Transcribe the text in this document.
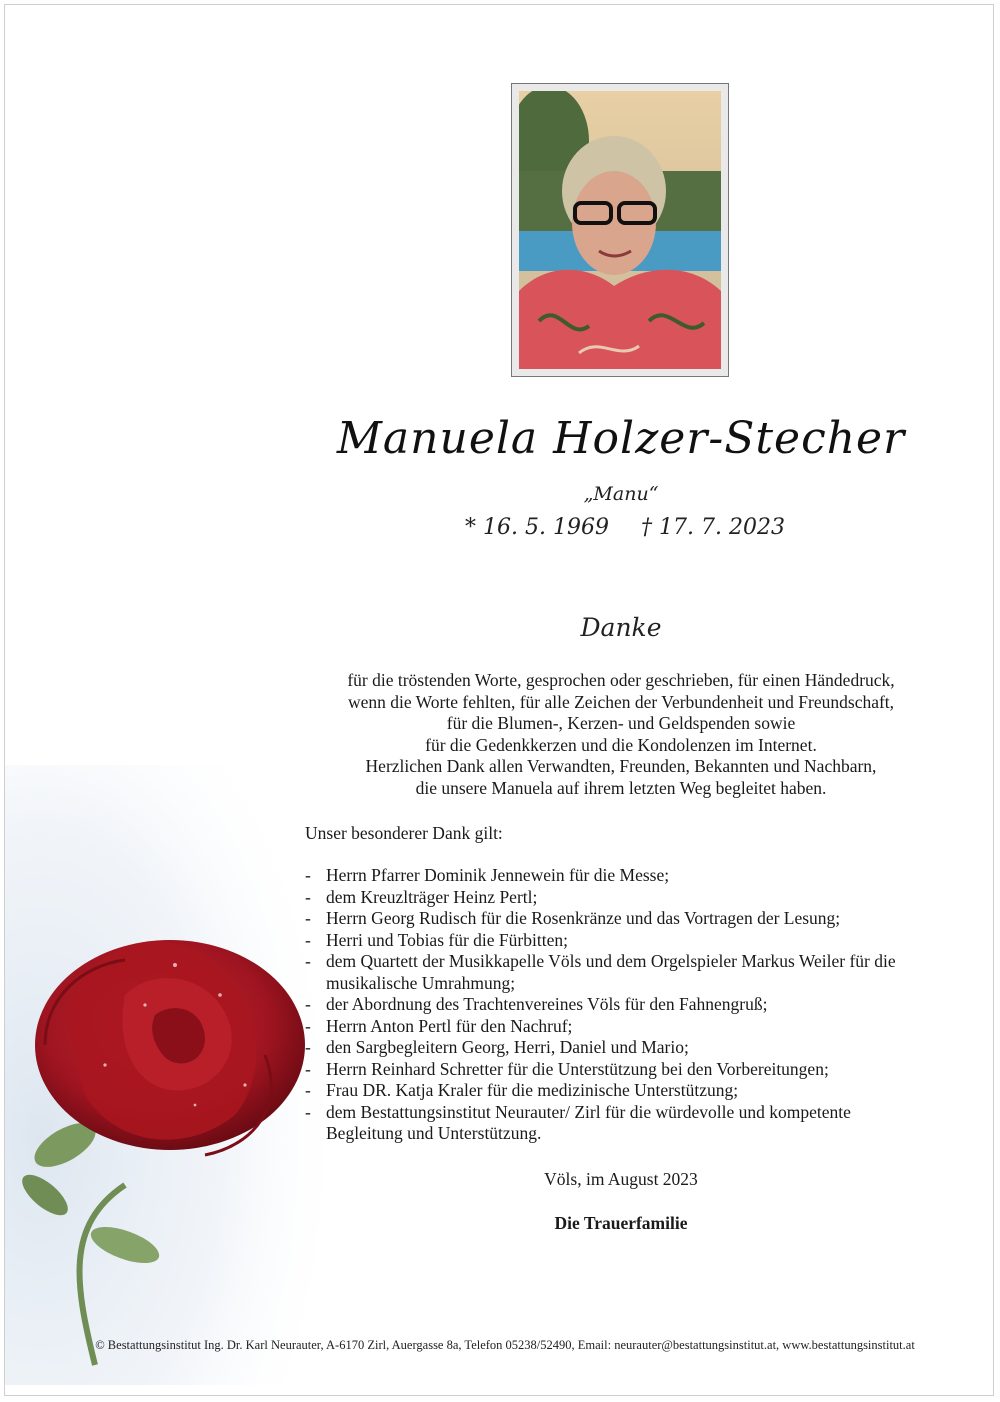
Manuela Holzer-Stecher
„Manu“
* 16. 5. 1969 † 17. 7. 2023
Danke
für die tröstenden Worte, gesprochen oder geschrieben, für einen Händedruck,
wenn die Worte fehlten, für alle Zeichen der Verbundenheit und Freundschaft,
für die Blumen-, Kerzen- und Geldspenden sowie
für die Gedenkkerzen und die Kondolenzen im Internet.
Herzlichen Dank allen Verwandten, Freunden, Bekannten und Nachbarn,
die unsere Manuela auf ihrem letzten Weg begleitet haben.
Unser besonderer Dank gilt:
- Herrn Pfarrer Dominik Jennewein für die Messe;
- dem Kreuzlträger Heinz Pertl;
- Herrn Georg Rudisch für die Rosenkränze und das Vortragen der Lesung;
- Herri und Tobias für die Fürbitten;
- dem Quartett der Musikkapelle Völs und dem Orgelspieler Markus Weiler für die musikalische Umrahmung;
- der Abordnung des Trachtenvereines Völs für den Fahnengruß;
- Herrn Anton Pertl für den Nachruf;
- den Sargbegleitern Georg, Herri, Daniel und Mario;
- Herrn Reinhard Schretter für die Unterstützung bei den Vorbereitungen;
- Frau DR. Katja Kraler für die medizinische Unterstützung;
- dem Bestattungsinstitut Neurauter/ Zirl für die würdevolle und kompetente Begleitung und Unterstützung.
Völs, im August 2023
Die Trauerfamilie
© Bestattungsinstitut Ing. Dr. Karl Neurauter, A-6170 Zirl, Auergasse 8a, Telefon 05238/52490, Email: neurauter@bestattungsinstitut.at, www.bestattungsinstitut.at
